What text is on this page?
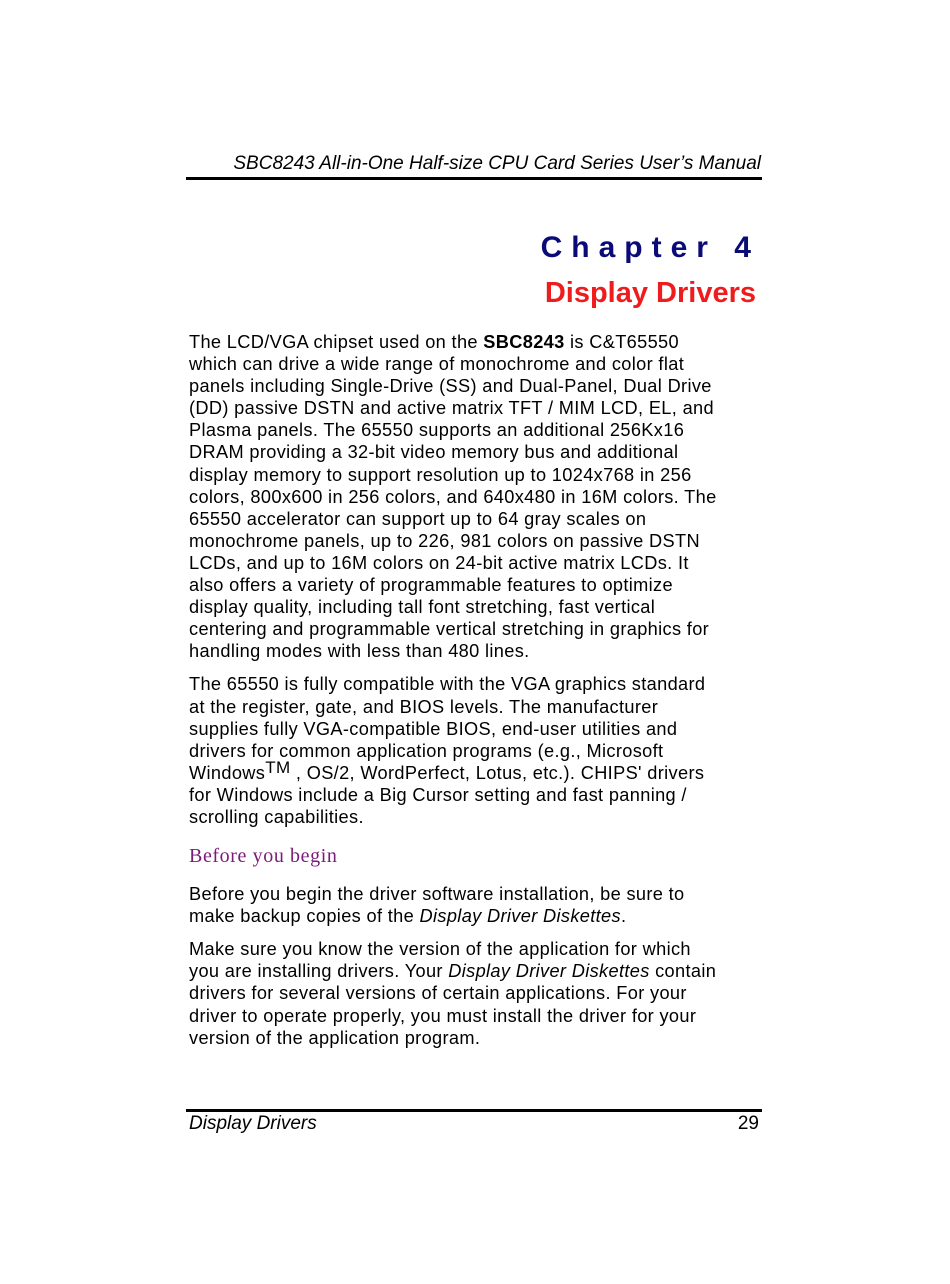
SBC8243 All-in-One Half-size CPU Card Series User’s Manual
Chapter 4
Display Drivers
The LCD/VGA chipset used on the SBC8243 is C&T65550
which can drive a wide range of monochrome and color flat
panels including Single-Drive (SS) and Dual-Panel, Dual Drive
(DD) passive DSTN and active matrix TFT / MIM LCD, EL, and
Plasma panels. The 65550 supports an additional 256Kx16
DRAM providing a 32-bit video memory bus and additional
display memory to support resolution up to 1024x768 in 256
colors, 800x600 in 256 colors, and 640x480 in 16M colors. The
65550 accelerator can support up to 64 gray scales on
monochrome panels, up to 226, 981 colors on passive DSTN
LCDs, and up to 16M colors on 24-bit active matrix LCDs. It
also offers a variety of programmable features to optimize
display quality, including tall font stretching, fast vertical
centering and programmable vertical stretching in graphics for
handling modes with less than 480 lines.
The 65550 is fully compatible with the VGA graphics standard
at the register, gate, and BIOS levels. The manufacturer
supplies fully VGA-compatible BIOS, end-user utilities and
drivers for common application programs (e.g., Microsoft
Windows™ , OS/2, WordPerfect, Lotus, etc.). CHIPS' drivers
for Windows include a Big Cursor setting and fast panning /
scrolling capabilities.
Before you begin
Before you begin the driver software installation, be sure to
make backup copies of the Display Driver Diskettes.
Make sure you know the version of the application for which
you are installing drivers. Your Display Driver Diskettes contain
drivers for several versions of certain applications. For your
driver to operate properly, you must install the driver for your
version of the application program.
Display Drivers	29
